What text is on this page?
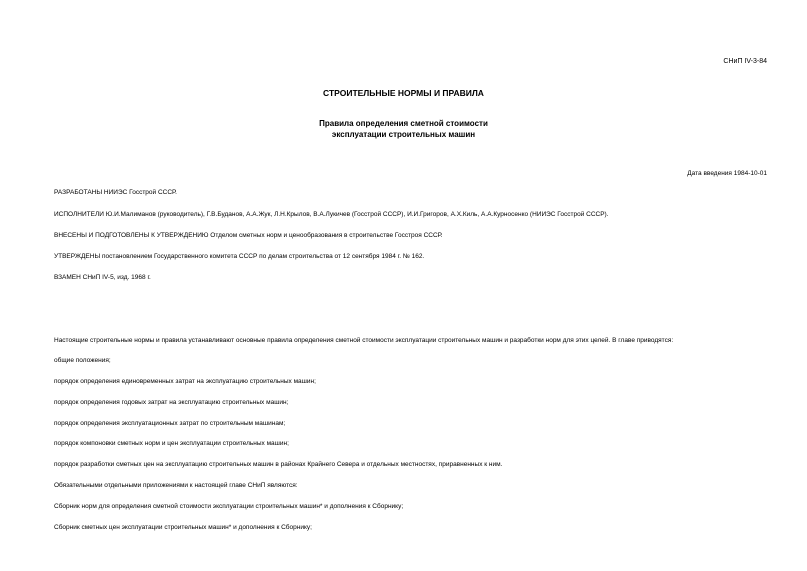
СНиП IV-3-84
СТРОИТЕЛЬНЫЕ НОРМЫ И ПРАВИЛА
Правила определения сметной стоимости
эксплуатации строительных машин
Дата введения 1984-10-01
РАЗРАБОТАНЫ НИИЭС Госстрой СССР.
ИСПОЛНИТЕЛИ Ю.И.Малиманов (руководитель), Г.В.Буданов, А.А.Жук, Л.Н.Крылов, В.А.Лукичев (Госстрой СССР), И.И.Григоров, А.Х.Киль, А.А.Курносенко (НИИЭС Госстрой СССР).
ВНЕСЕНЫ И ПОДГОТОВЛЕНЫ К УТВЕРЖДЕНИЮ Отделом сметных норм и ценообразования в строительстве Госстроя СССР.
УТВЕРЖДЕНЫ постановлением Государственного комитета СССР по делам строительства от 12 сентября 1984 г. № 162.
ВЗАМЕН СНиП IV-5, изд. 1968 г.
Настоящие строительные нормы и правила устанавливают основные правила определения сметной стоимости эксплуатации строительных машин и разработки норм для этих целей. В главе приводятся:
общие положения;
порядок определения единовременных затрат на эксплуатацию строительных машин;
порядок определения годовых затрат на эксплуатацию строительных машин;
порядок определения эксплуатационных затрат по строительным машинам;
порядок компоновки сметных норм и цен эксплуатации строительных машин;
порядок разработки сметных цен на эксплуатацию строительных машин в районах Крайнего Севера и отдельных местностях, приравненных к ним.
Обязательными отдельными приложениями к настоящей главе СНиП являются:
Сборник норм для определения сметной стоимости эксплуатации строительных машин* и дополнения к Сборнику;
Сборник сметных цен эксплуатации строительных машин* и дополнения к Сборнику;
